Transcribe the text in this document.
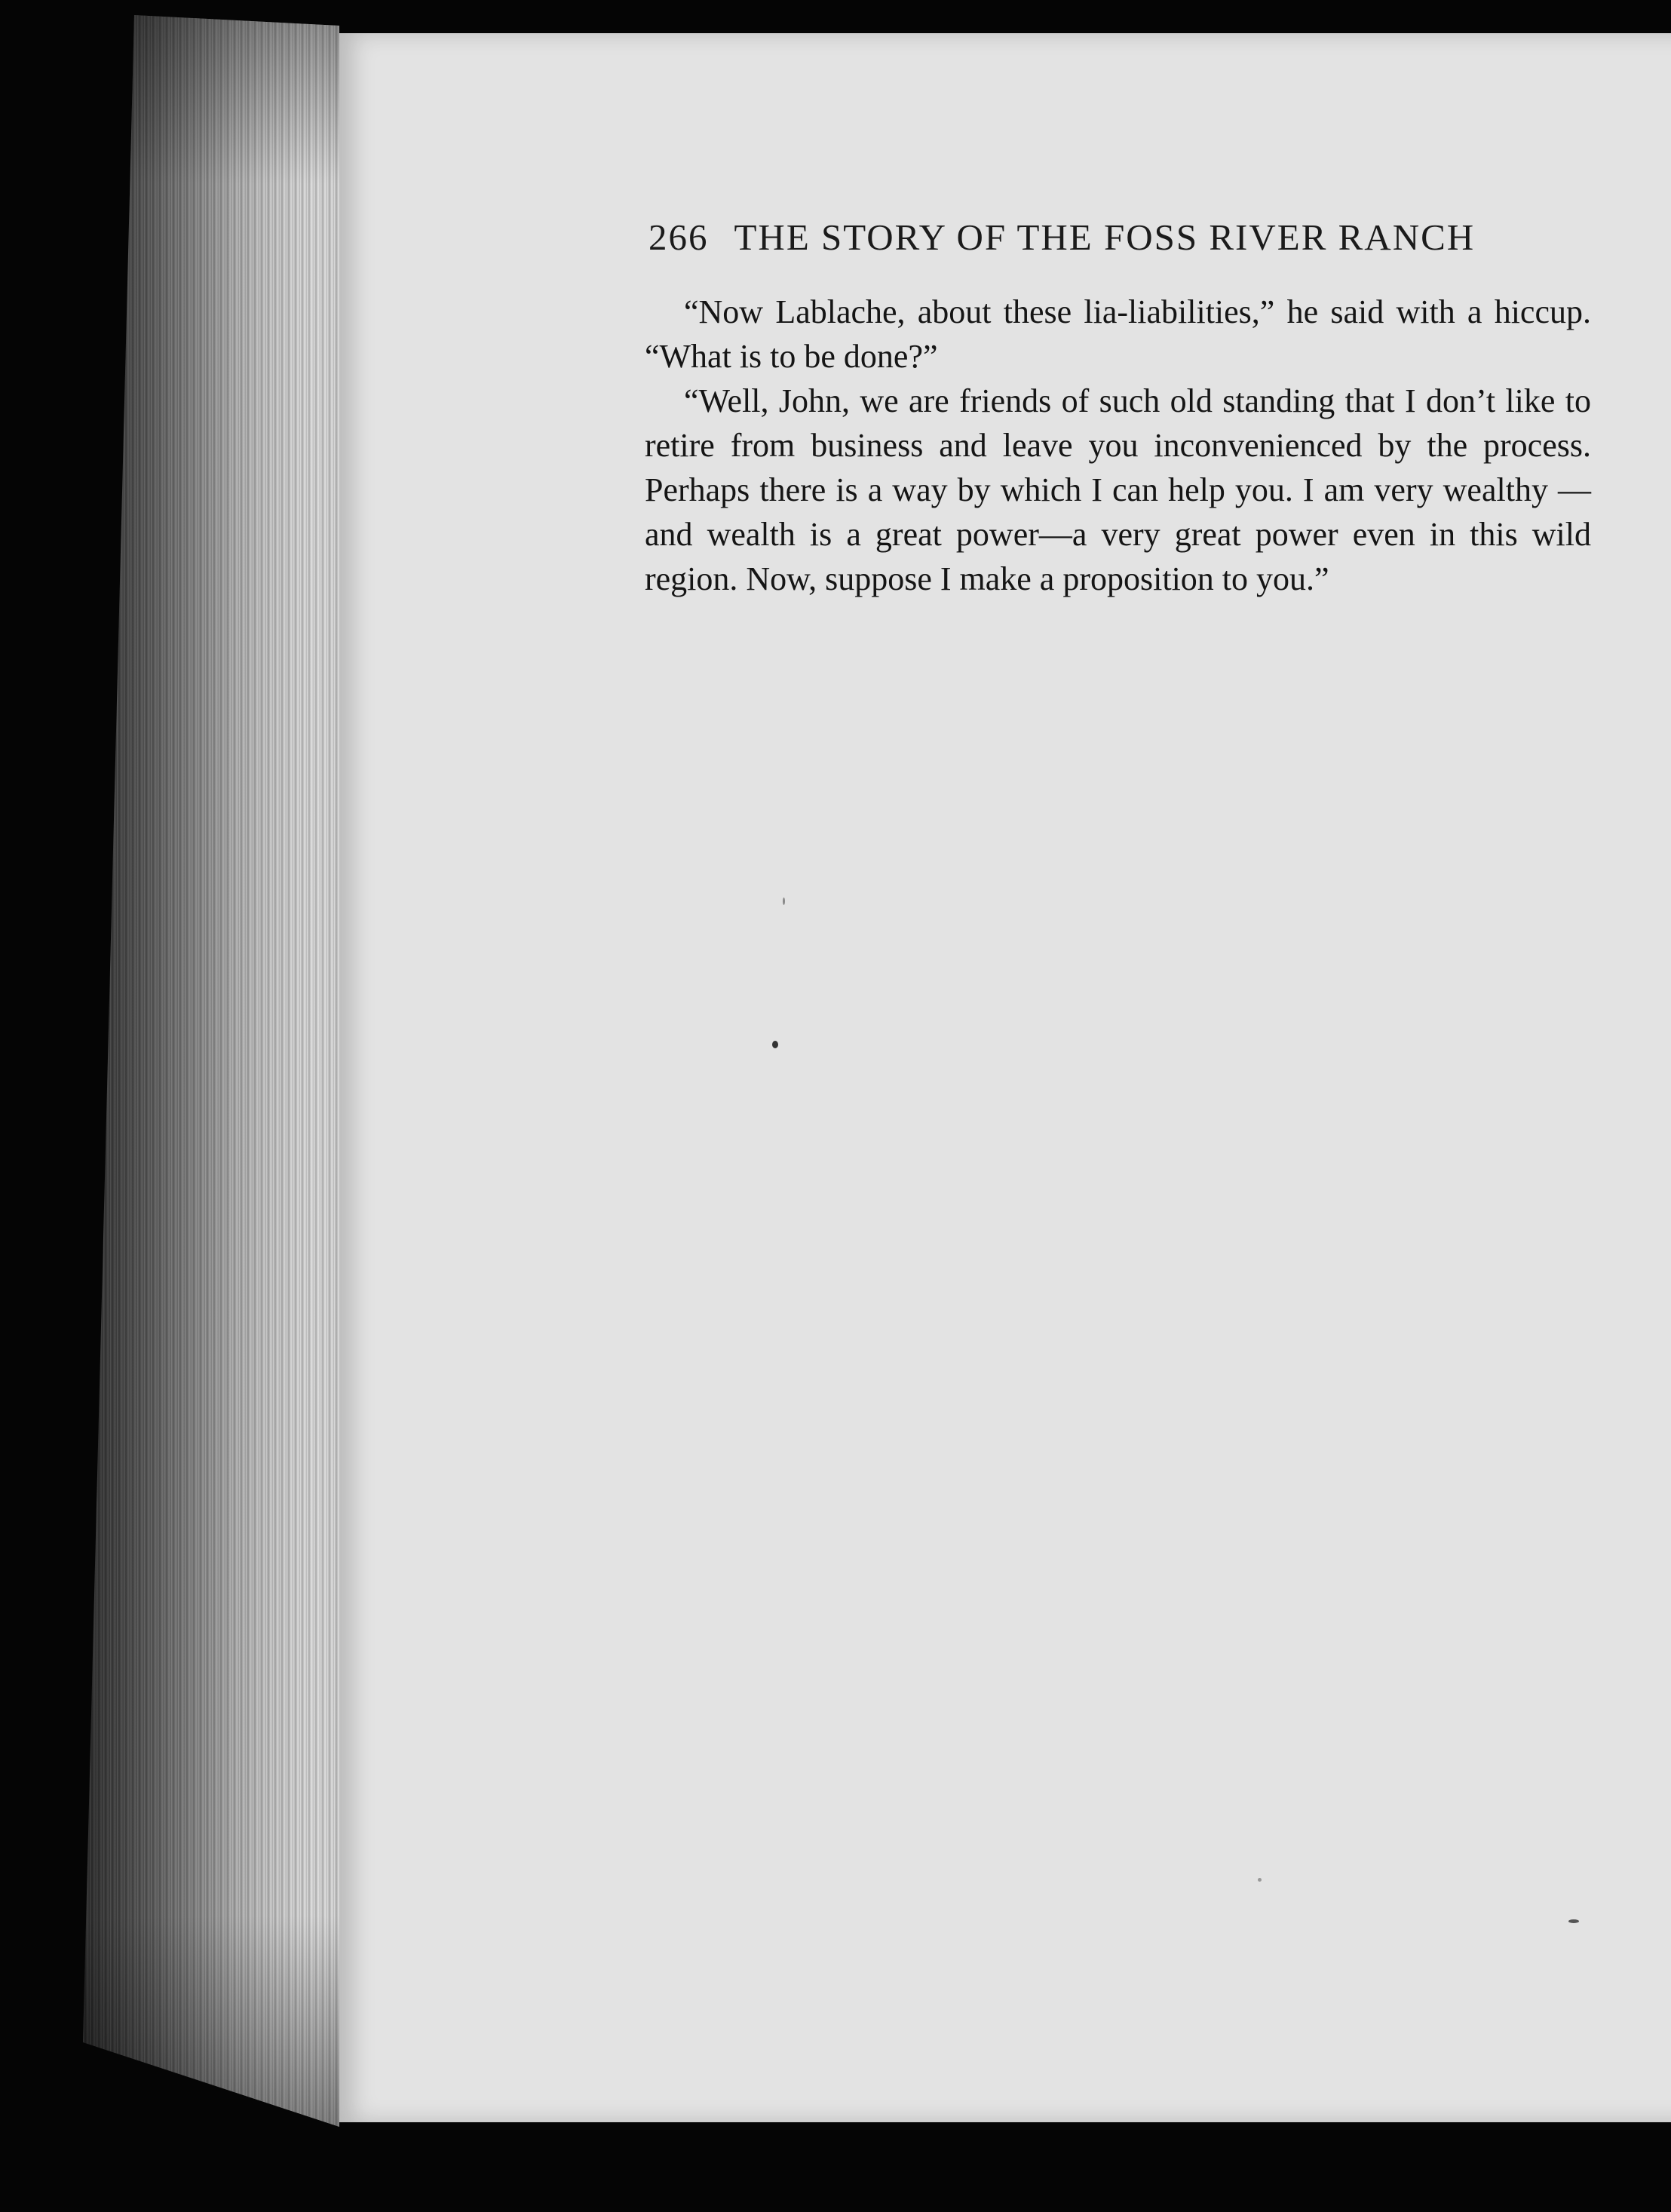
266 THE STORY OF THE FOSS RIVER RANCH

“Now Lablache, about these lia-liabilities,” he said with a hiccup. “What is to be done?”

“Well, John, we are friends of such old standing that I don’t like to retire from business and leave you inconvenienced by the process. Perhaps there is a way by which I can help you. I am very wealthy — and wealth is a great power—a very great power even in this wild region. Now, suppose I make a proposition to you.”
